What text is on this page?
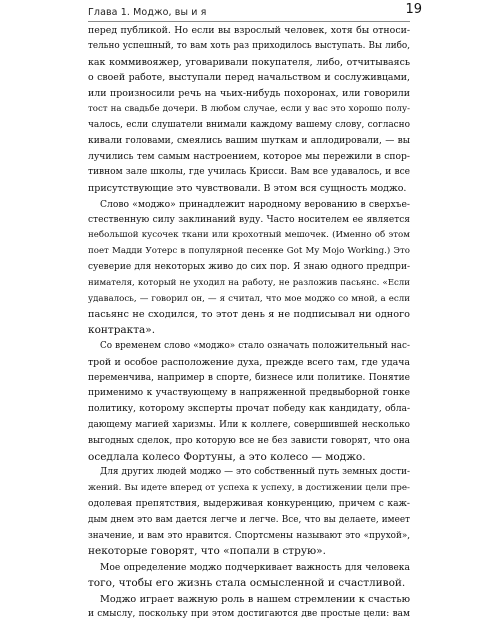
Глава 1. Моджо, вы и я	19
перед публикой. Но если вы взрослый человек, хотя бы относи-
тельно успешный, то вам хоть раз приходилось выступать. Вы либо,
как коммивояжер, уговаривали покупателя, либо, отчитываясь
о своей работе, выступали перед начальством и сослуживцами,
или произносили речь на чьих-нибудь похоронах, или говорили
тост на свадьбе дочери. В любом случае, если у вас это хорошо полу-
чалось, если слушатели внимали каждому вашему слову, согласно
кивали головами, смеялись вашим шуткам и аплодировали, — вы
лучились тем самым настроением, которое мы пережили в спор-
тивном зале школы, где училась Крисси. Вам все удавалось, и все
присутствующие это чувствовали. В этом вся сущность моджо.
Слово «моджо» принадлежит народному верованию в сверхъе-
стественную силу заклинаний вуду. Часто носителем ее является
небольшой кусочек ткани или крохотный мешочек. (Именно об этом
поет Мадди Уотерс в популярной песенке Got My Mojo Working.) Это
суеверие для некоторых живо до сих пор. Я знаю одного предпри-
нимателя, который не уходил на работу, не разложив пасьянс. «Если
удавалось, — говорил он, — я считал, что мое моджо со мной, а если
пасьянс не сходился, то этот день я не подписывал ни одного
контракта».
Со временем слово «моджо» стало означать положительный нас-
трой и особое расположение духа, прежде всего там, где удача
переменчива, например в спорте, бизнесе или политике. Понятие
применимо к участвующему в напряженной предвыборной гонке
политику, которому эксперты прочат победу как кандидату, обла-
дающему магией харизмы. Или к коллеге, совершившей несколько
выгодных сделок, про которую все не без зависти говорят, что она
оседлала колесо Фортуны, а это колесо — моджо.
Для других людей моджо — это собственный путь земных дости-
жений. Вы идете вперед от успеха к успеху, в достижении цели пре-
одолевая препятствия, выдерживая конкуренцию, причем с каж-
дым днем это вам дается легче и легче. Все, что вы делаете, имеет
значение, и вам это нравится. Спортсмены называют это «прухой»,
некоторые говорят, что «попали в струю».
Мое определение моджо подчеркивает важность для человека
того, чтобы его жизнь стала осмысленной и счастливой.
Моджо играет важную роль в нашем стремлении к счастью
и смыслу, поскольку при этом достигаются две простые цели: вам
